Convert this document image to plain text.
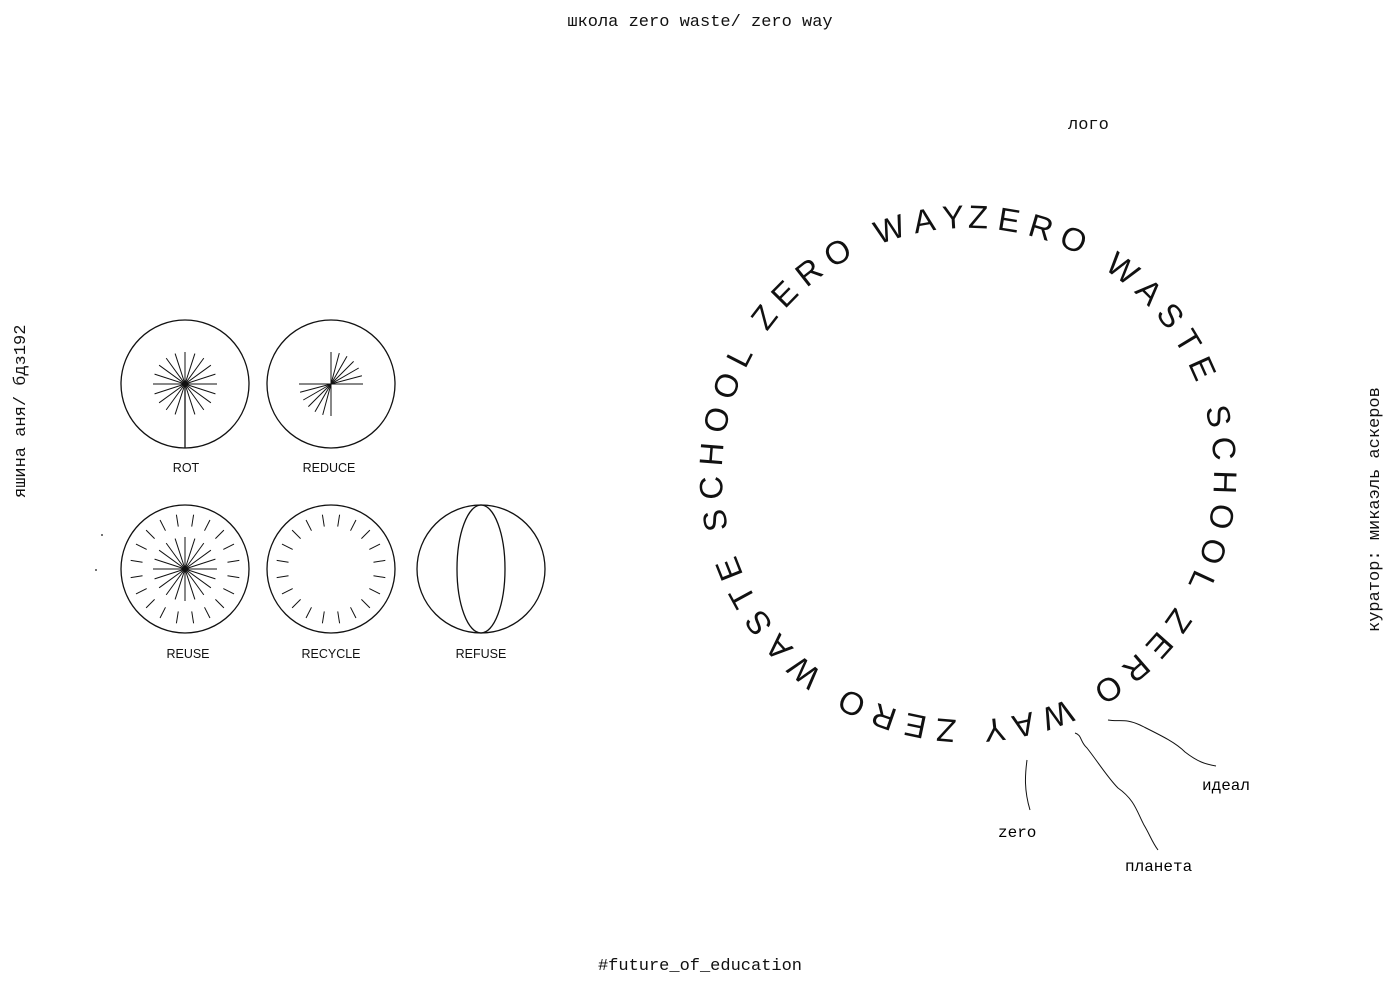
школа zero waste/ zero way
#future_of_education
лого
яшина аня/ бдз192	куратор: микаэль аскеров
ROT	REDUCE
REUSE	RECYCLE	REFUSE
ZERO WASTE SCHOOL ZERO WAY ZERO WASTE SCHOOL ZERO WAY
zero
планета
идеал
